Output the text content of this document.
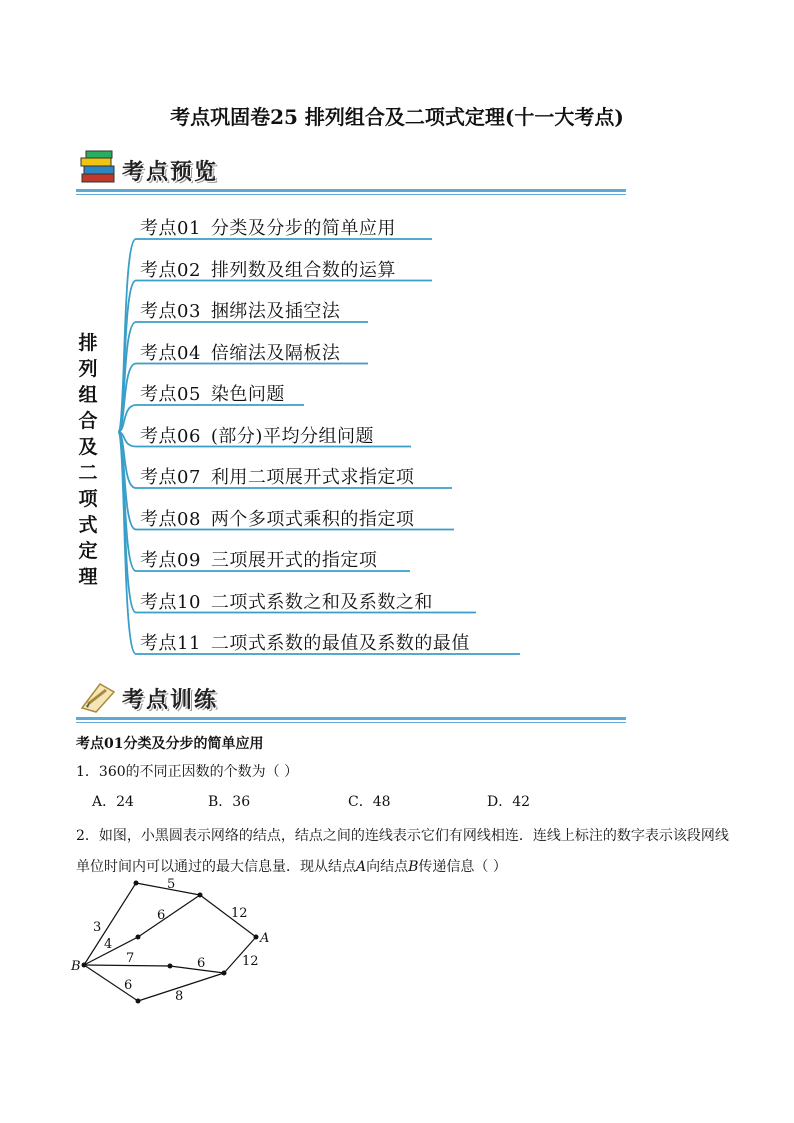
考点巩固卷25 排列组合及二项式定理(十一大考点)
考点预览
排
列
组
合
及
二
项
式
定
理
考点01 分类及分步的简单应用
考点02 排列数及组合数的运算
考点03 捆绑法及插空法
考点04 倍缩法及隔板法
考点05 染色问题
考点06 (部分)平均分组问题
考点07 利用二项展开式求指定项
考点08 两个多项式乘积的指定项
考点09 三项展开式的指定项
考点10 二项式系数之和及系数之和
考点11 二项式系数的最值及系数的最值
考点训练
考点01分类及分步的简单应用
1．360的不同正因数的个数为（ ）
A．24	B．36	C．48	D．42
2．如图，小黑圆表示网络的结点，结点之间的连线表示它们有网线相连．连线上标注的数字表示该段网线
单位时间内可以通过的最大信息量．现从结点A向结点B传递信息（ ）
5
3
6
4
12
7	6	12
6
8
A
B
